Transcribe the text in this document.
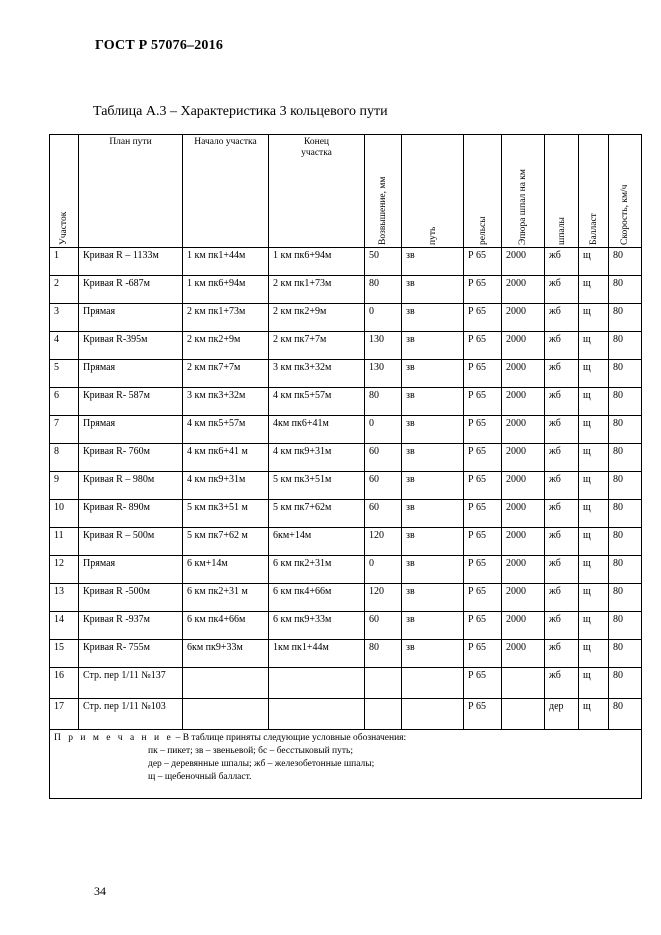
ГОСТ Р 57076–2016
Таблица А.3 – Характеристика 3 кольцевого пути
Участок	План пути	Начало участка	Конец участка	Возвышение, мм	путь	рельсы	Эпюра шпал на км	шпалы	Балласт	Скорость, км/ч

1	Кривая R – 1133м	1 км пк1+44м	1 км пк6+94м	50	зв	Р 65	2000	жб	щ	80
2	Кривая R -687м	1 км пк6+94м	2 км пк1+73м	80	зв	Р 65	2000	жб	щ	80
3	Прямая	2 км пк1+73м	2 км пк2+9м	0	зв	Р 65	2000	жб	щ	80
4	Кривая R-395м	2 км пк2+9м	2 км пк7+7м	130	зв	Р 65	2000	жб	щ	80
5	Прямая	2 км пк7+7м	3 км пк3+32м	130	зв	Р 65	2000	жб	щ	80
6	Кривая R- 587м	3 км пк3+32м	4 км пк5+57м	80	зв	Р 65	2000	жб	щ	80
7	Прямая	4 км пк5+57м	4км пк6+41м	0	зв	Р 65	2000	жб	щ	80
8	Кривая R- 760м	4 км пк6+41 м	4 км пк9+31м	60	зв	Р 65	2000	жб	щ	80
9	Кривая R – 980м	4 км пк9+31м	5 км пк3+51м	60	зв	Р 65	2000	жб	щ	80
10	Кривая R- 890м	5 км пк3+51 м	5 км пк7+62м	60	зв	Р 65	2000	жб	щ	80
11	Кривая R – 500м	5 км пк7+62 м	6км+14м	120	зв	Р 65	2000	жб	щ	80
12	Прямая	6 км+14м	6 км пк2+31м	0	зв	Р 65	2000	жб	щ	80
13	Кривая R -500м	6 км пк2+31 м	6 км пк4+66м	120	зв	Р 65	2000	жб	щ	80
14	Кривая R -937м	6 км пк4+66м	6 км пк9+33м	60	зв	Р 65	2000	жб	щ	80
15	Кривая R- 755м	6км пк9+33м	1км пк1+44м	80	зв	Р 65	2000	жб	щ	80
16	Стр. пер 1/11 №137					Р 65		жб	щ	80
17	Стр. пер 1/11 №103					Р 65		дер	щ	80

П р и м е ч а н и е – В таблице приняты следующие условные обозначения:
пк – пикет; зв – звеньевой; бс – бесстыковый путь;
дер – деревянные шпалы; жб – железобетонные шпалы;
щ – щебеночный балласт.										
34
